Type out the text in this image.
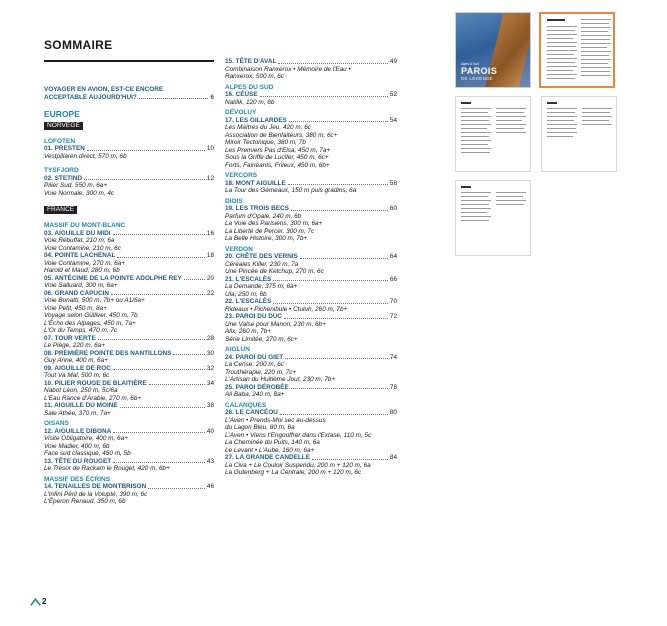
SOMMAIRE
VOYAGER EN AVION, EST-CE ENCORE
ACCEPTABLE AUJOURD'HUI?	6
EUROPE
NORVÈGE
LOFOTEN
01. PRESTEN	10
Vestpillaren direct, 570 m, 6b
TYSFJORD
02. STETIND	12
Pilier Sud, 550 m, 6a+
Voie Normale, 300 m, 4c
FRANCE
MASSIF DU MONT-BLANC
03. AIGUILLE DU MIDI	16
Voie Rébuffat, 210 m, 6a
Voie Contamine, 210 m, 6c
04. POINTE LACHENAL	18
Voie Contamine, 270 m, 6a+
Harold et Maud, 280 m, 6b
05. ANTÉCIME DE LA POINTE ADOLPHE REY	20
Voie Salluard, 300 m, 6a+
06. GRAND CAPUCIN	22
Voie Bonatti, 500 m, 7b+ ou A1/6a+
Voie Petit, 450 m, 8a+
Voyage selon Gülliver, 450 m, 7b
L'Écho des Alpages, 450 m, 7a+
L'Or du Temps, 470 m, 7c
07. TOUR VERTE	28
Le Piège, 220 m, 6a+
08. PREMIÈRE POINTE DES NANTILLONS	30
Guy Anne, 400 m, 6a+
09. AIGUILLE DE ROC	32
Tout Va Mal, 500 m, 6c
10. PILIER ROUGE DE BLAITIÈRE	34
Nabot Léon, 250 m, 5c/6a
L'Eau Rance d'Arabie, 270 m, 6b+
11. AIGUILLE DU MOINE	38
Sale Athée, 370 m, 7a+
OISANS
12. AIGUILLE DIBONA	40
Visite Obligatoire, 400 m, 6a+
Voie Madier, 400 m, 6b
Face sud classique, 450 m, 5b
13. TÊTE DU ROUGET	43
Le Trésor de Rackam le Rouget, 420 m, 6b+
MASSIF DES ÉCRINS
14. TENAILLES DE MONTBRISON	46
L'Infini Péril de la Volupté, 390 m, 6c
L'Éperon Renaud, 350 m, 6b
15. TÊTE D'AVAL	49
Combinaison Ranxerox • Mémoire de l'Eau •
Ranxerox, 500 m, 6c
ALPES DU SUD
16. CÉÜSE	52
Natilik, 120 m, 6b
DÉVOLUY
17. LES GILLARDES	54
Les Maîtres du Jeu, 420 m, 6c
Association de Bienfaiteurs, 380 m, 6c+
Miroir Tectonique, 380 m, 7b
Les Premiers Pas d'Elsa, 450 m, 7a+
Sous la Griffe de Lucifer, 450 m, 6c+
Forts, Fainéants, Frileux, 450 m, 6b+
VERCORS
18. MONT AIGUILLE	58
La Tour des Gémeaux, 150 m puis gradins, 6a
DIOIS
19. LES TROIS BECS	60
Parfum d'Opale, 240 m, 6b
La Voie des Parisiens, 300 m, 6a+
La Liberté de Percer, 300 m, 7c
La Belle Histoire, 300 m, 7b+
VERDON
20. CRÊTE DES VERNIS	64
Céréales Killer, 230 m, 7a
Une Pincée de Ketchup, 270 m, 6c
21. L'ESCALÈS	66
La Demande, 375 m, 6a+
Ula, 250 m, 6b
22. L'ESCALÈS	70
Rideaux • Pichenibule • Ctuluh, 260 m, 7b+
23. PAROI DU DUC	72
Une Valse pour Manon, 230 m, 6b+
Alix, 260 m, 7b+
Série Limitée, 270 m, 6c+
AIGLUN
24. PAROI DU GIET	74
La Cerise, 200 m, 6c
Trouthérapie, 220 m, 7c+
L'Artisan du Huitième Jour, 230 m, 7b+
25. PAROI DÉROBÉE	78
Ali Baba, 240 m, 8a+
CALANQUES
26. LE CANCÉOU	80
L'Aven • Prends-Moi sec au-dessus
du Lagon Bleu, 80 m, 6a
L'Aven • Viens t'Engouffrer dans l'Extase, 110 m, 5c
La Cheminée du Puits, 140 m, 6a
Le Levant • L'Aube, 160 m, 6a+
27. LA GRANDE CANDELLE	84
La Civa + Le Couloir Suspendu, 200 m + 120 m, 6a
La Gutenberg + La Centrale, 200 m + 120 m, 6c
2
Alpes & Sud
PAROIS
DE LÉGENDE
